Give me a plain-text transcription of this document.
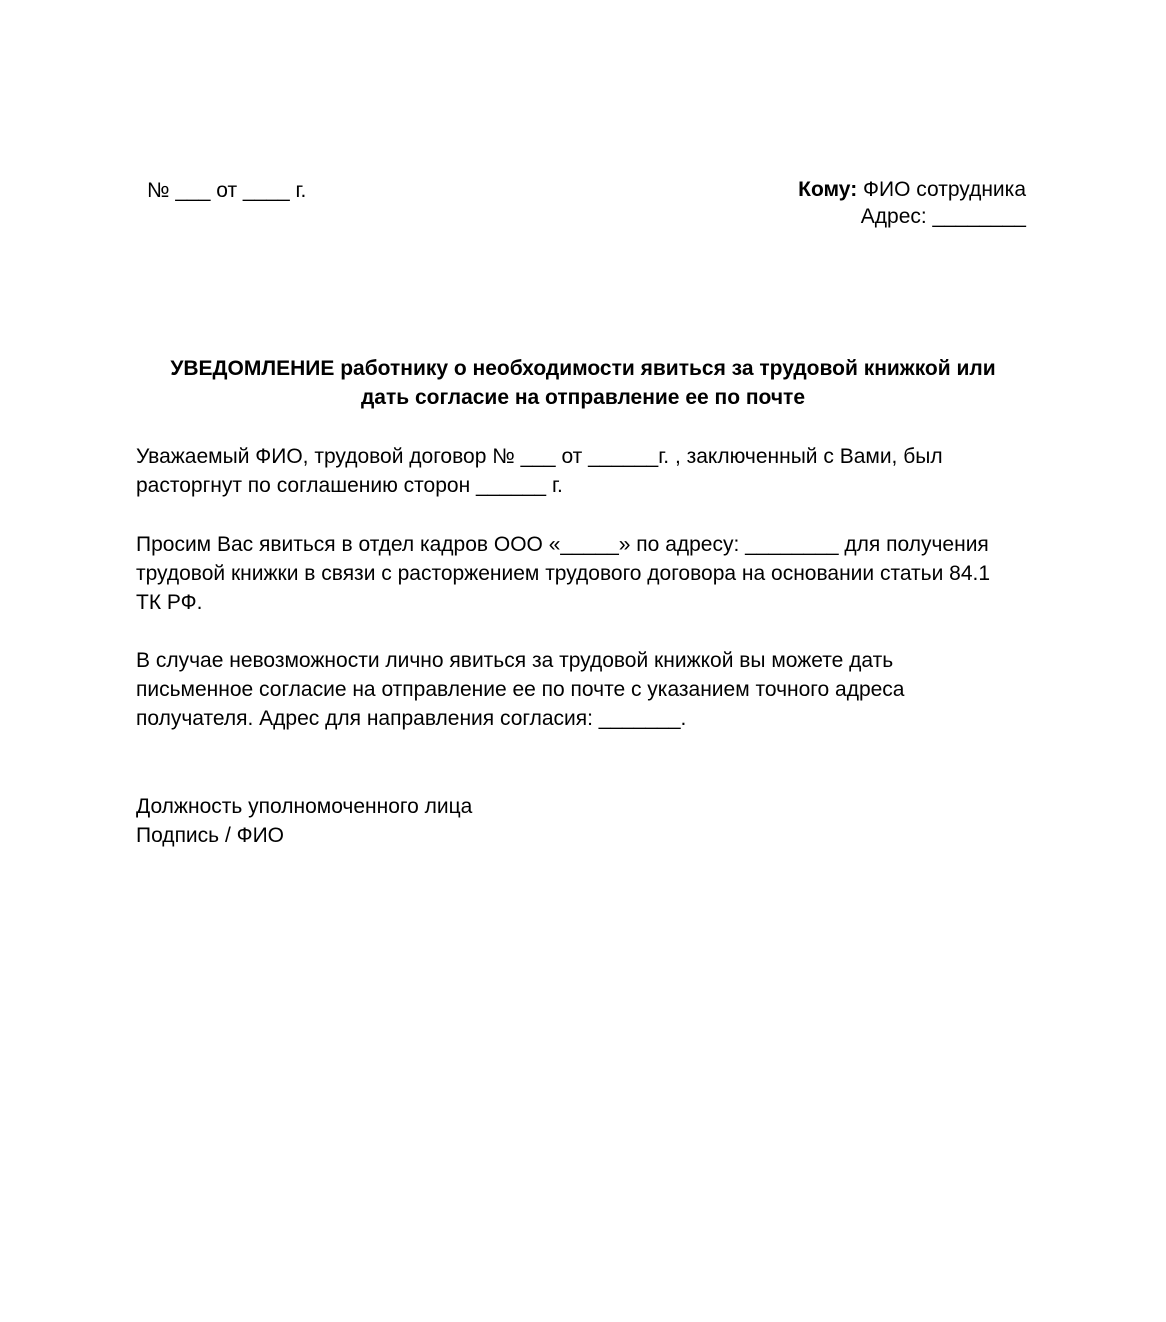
№ ___ от ____ г.	Кому: ФИО сотрудника
Адрес: ________
УВЕДОМЛЕНИЕ работнику о необходимости явиться за трудовой книжкой или
дать согласие на отправление ее по почте
Уважаемый ФИО, трудовой договор № ___ от ______г. , заключенный с Вами, был
расторгнут по соглашению сторон ______ г.
Просим Вас явиться в отдел кадров ООО «_____» по адресу: ________ для получения
трудовой книжки в связи с расторжением трудового договора на основании статьи 84.1
ТК РФ.
В случае невозможности лично явиться за трудовой книжкой вы можете дать
письменное согласие на отправление ее по почте с указанием точного адреса
получателя. Адрес для направления согласия: _______.
Должность уполномоченного лица
Подпись / ФИО
